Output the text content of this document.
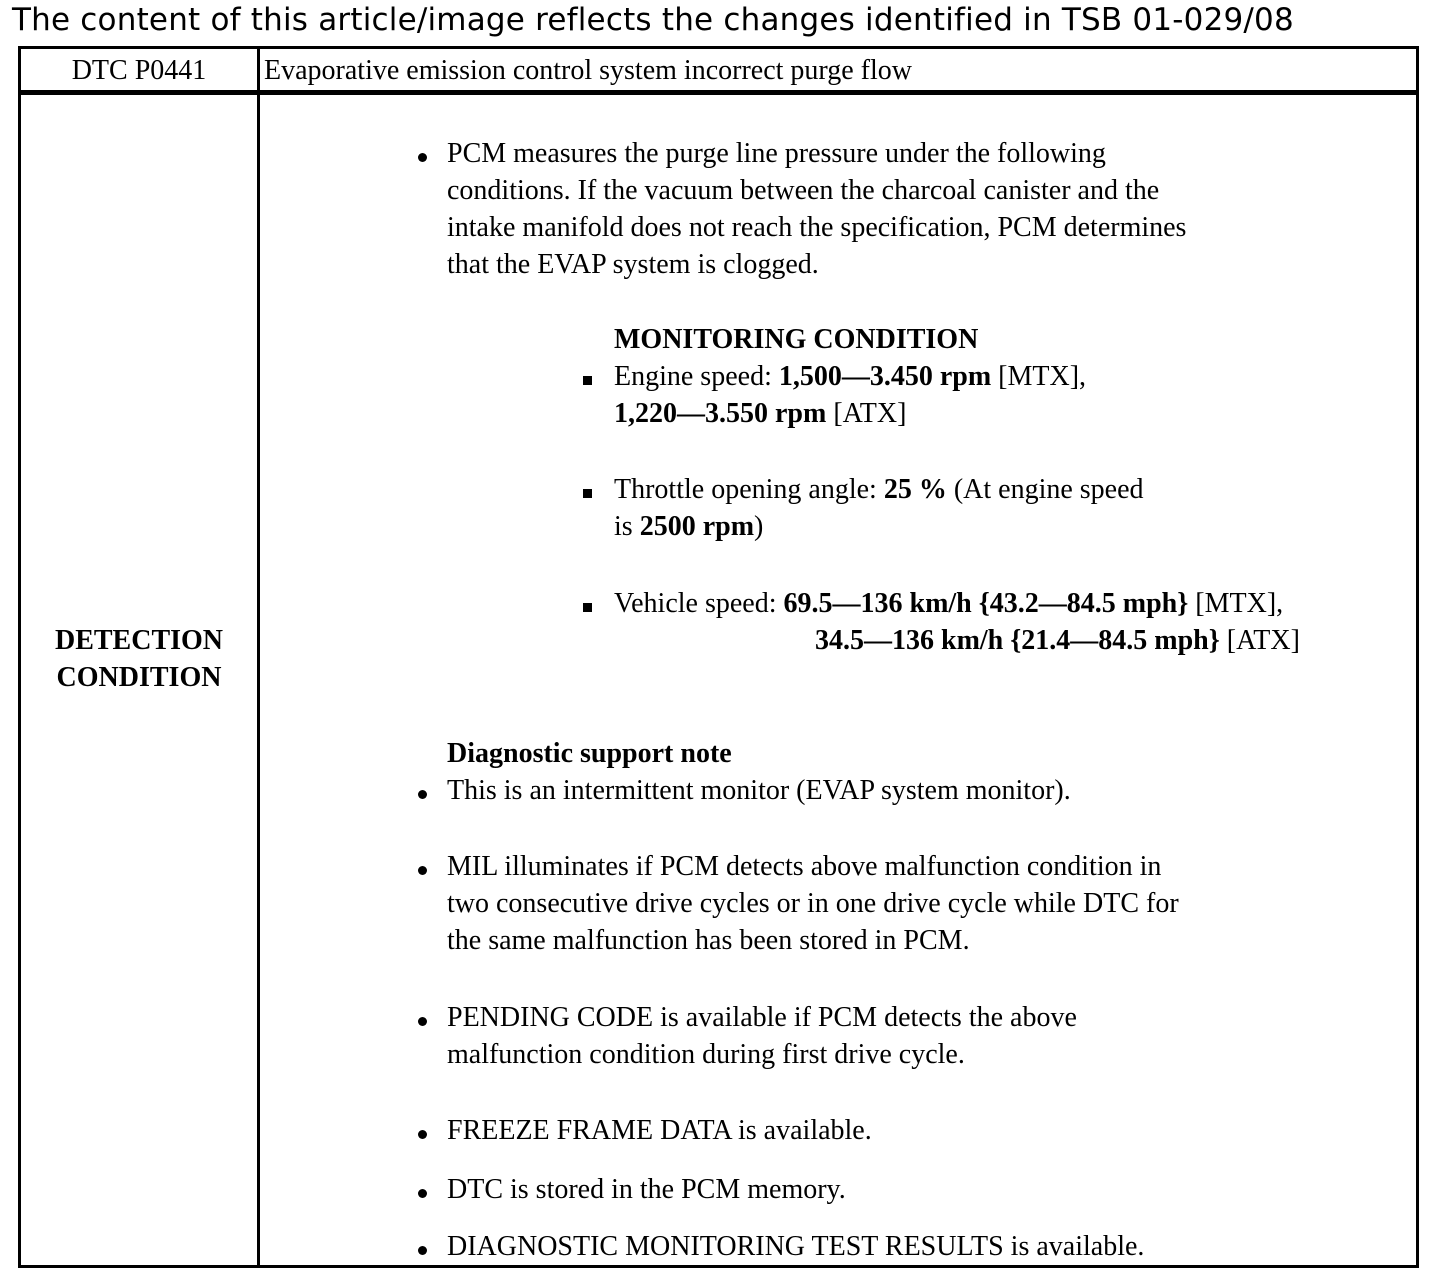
The content of this article/image reflects the changes identified in TSB 01-029/08
DTC P0441	Evaporative emission control system incorrect purge flow
DETECTION
CONDITION
PCM measures the purge line pressure under the following
conditions. If the vacuum between the charcoal canister and the
intake manifold does not reach the specification, PCM determines
that the EVAP system is clogged.
MONITORING CONDITION
Engine speed: 1,500—3.450 rpm [MTX],
1,220—3.550 rpm [ATX]
Throttle opening angle: 25 % (At engine speed
is 2500 rpm)
Vehicle speed: 69.5—136 km/h {43.2—84.5 mph} [MTX],
34.5—136 km/h {21.4—84.5 mph} [ATX]
Diagnostic support note
This is an intermittent monitor (EVAP system monitor).
MIL illuminates if PCM detects above malfunction condition in
two consecutive drive cycles or in one drive cycle while DTC for
the same malfunction has been stored in PCM.
PENDING CODE is available if PCM detects the above
malfunction condition during first drive cycle.
FREEZE FRAME DATA is available.
DTC is stored in the PCM memory.
DIAGNOSTIC MONITORING TEST RESULTS is available.
